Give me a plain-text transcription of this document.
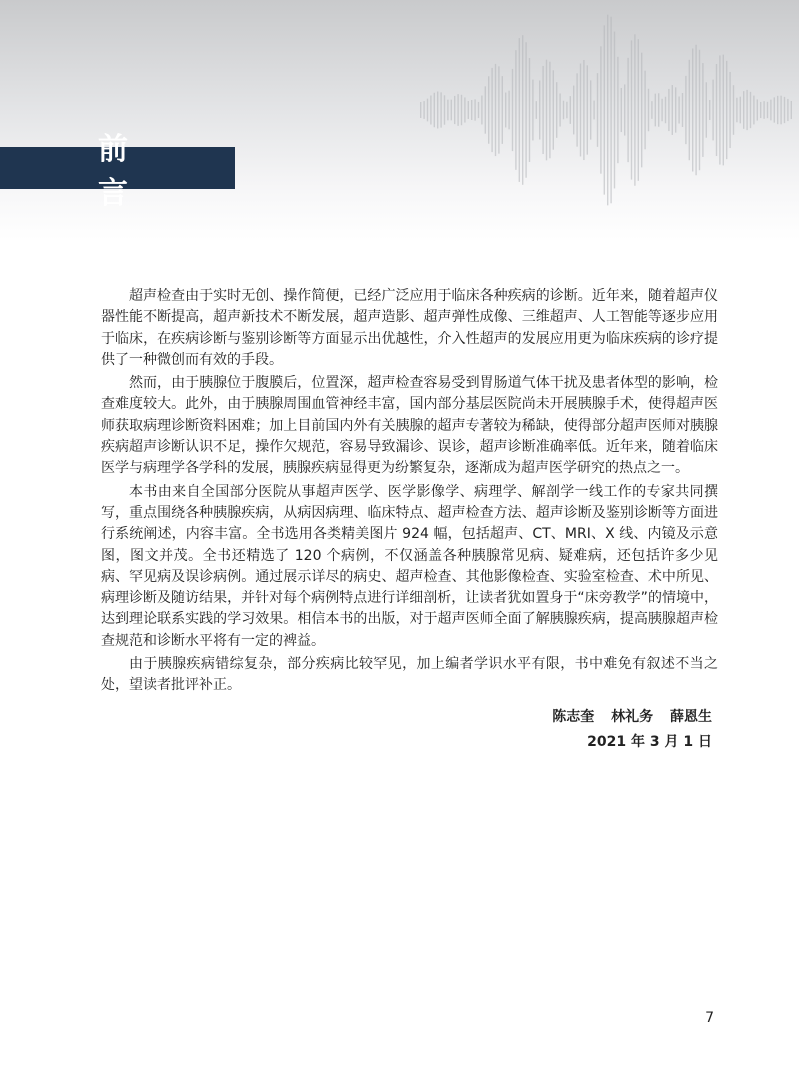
前 言

超声检查由于实时无创、操作简便，已经广泛应用于临床各种疾病的诊断。近年来，随着超声仪器性能不断提高，超声新技术不断发展，超声造影、超声弹性成像、三维超声、人工智能等逐步应用于临床，在疾病诊断与鉴别诊断等方面显示出优越性，介入性超声的发展应用更为临床疾病的诊疗提供了一种微创而有效的手段。

然而，由于胰腺位于腹膜后，位置深，超声检查容易受到胃肠道气体干扰及患者体型的影响，检查难度较大。此外，由于胰腺周围血管神经丰富，国内部分基层医院尚未开展胰腺手术，使得超声医师获取病理诊断资料困难；加上目前国内外有关胰腺的超声专著较为稀缺，使得部分超声医师对胰腺疾病超声诊断认识不足，操作欠规范，容易导致漏诊、误诊，超声诊断准确率低。近年来，随着临床医学与病理学各学科的发展，胰腺疾病显得更为纷繁复杂，逐渐成为超声医学研究的热点之一。

本书由来自全国部分医院从事超声医学、医学影像学、病理学、解剖学一线工作的专家共同撰写，重点围绕各种胰腺疾病，从病因病理、临床特点、超声检查方法、超声诊断及鉴别诊断等方面进行系统阐述，内容丰富。全书选用各类精美图片 924 幅，包括超声、CT、MRI、X 线、内镜及示意图，图文并茂。全书还精选了 120 个病例，不仅涵盖各种胰腺常见病、疑难病，还包括许多少见病、罕见病及误诊病例。通过展示详尽的病史、超声检查、其他影像检查、实验室检查、术中所见、病理诊断及随访结果，并针对每个病例特点进行详细剖析，让读者犹如置身于“床旁教学”的情境中，达到理论联系实践的学习效果。相信本书的出版，对于超声医师全面了解胰腺疾病，提高胰腺超声检查规范和诊断水平将有一定的裨益。

由于胰腺疾病错综复杂，部分疾病比较罕见，加上编者学识水平有限，书中难免有叙述不当之处，望读者批评补正。

陈志奎 林礼务 薛恩生
2021 年 3 月 1 日
7
